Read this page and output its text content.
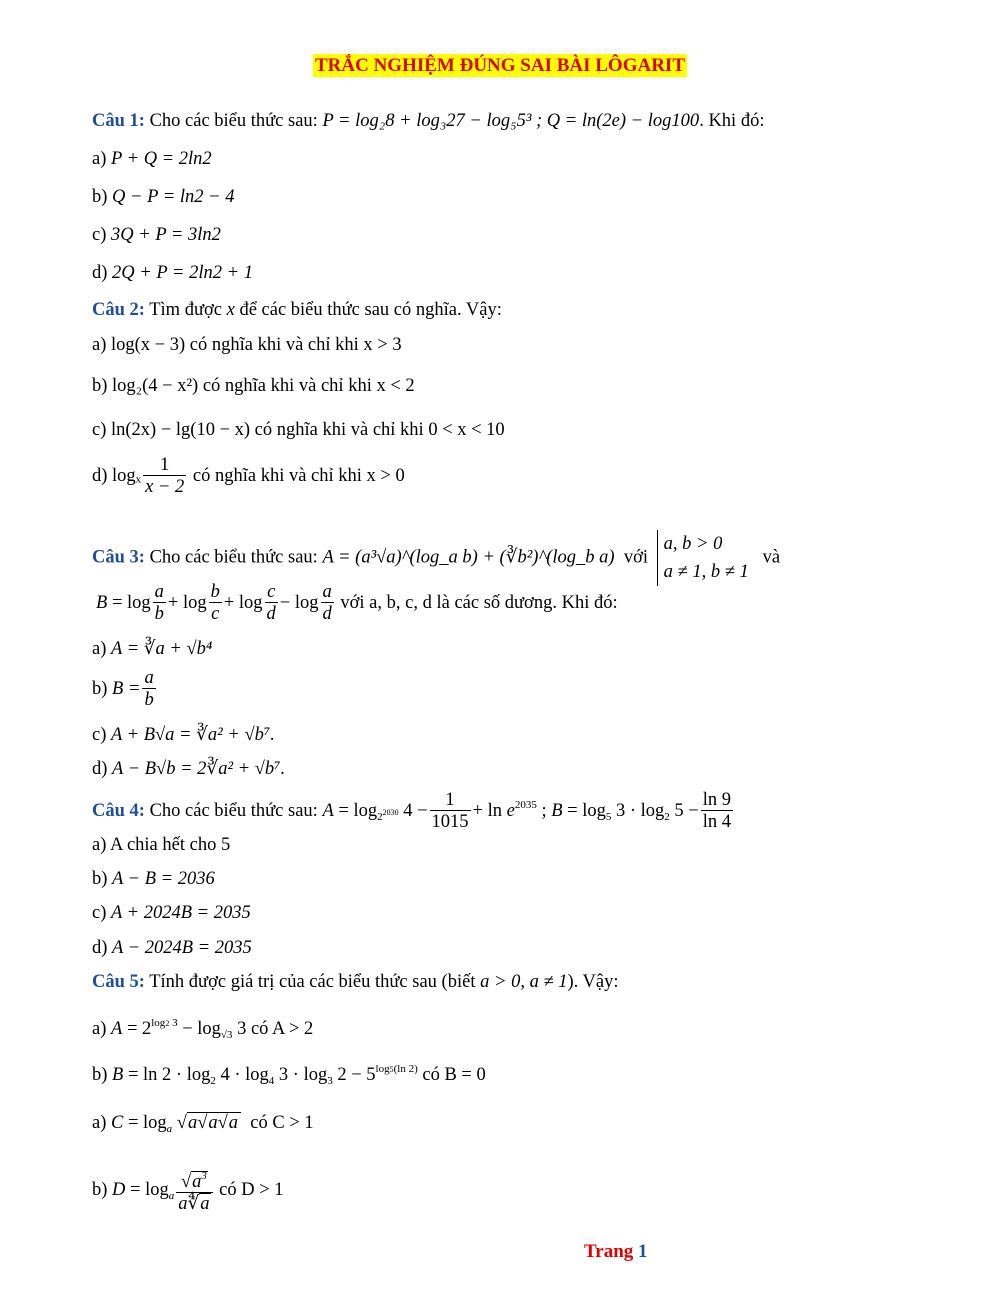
TRẮC NGHIỆM ĐÚNG SAI BÀI LÔGARIT
Câu 1: Cho các biểu thức sau: P = log₂8 + log₃27 − log₅5³ ; Q = ln(2e) − log100. Khi đó:
a) P + Q = 2ln2
b) Q − P = ln2 − 4
c) 3Q + P = 3ln2
d) 2Q + P = 2ln2 + 1
Câu 2: Tìm được x để các biểu thức sau có nghĩa. Vậy:
a) log(x − 3) có nghĩa khi và chỉ khi x > 3
b) log₂(4 − x²) có nghĩa khi và chỉ khi x < 2
c) ln(2x) − lg(10 − x) có nghĩa khi và chỉ khi 0 < x < 10
d) logₓ $\frac{1}{x - 2}$ có nghĩa khi và chỉ khi x > 0
Câu 3: Cho các biểu thức sau: A = (a³√a)^(log_a b) + (∛b²)^(log_b a) với a, b > 0
a ≠ 1, b ≠ 1   và
$B = \log \frac{a}{b} + \log \frac{b}{c} + \log \frac{c}{d} - \log \frac{a}{d}$ với a, b, c, d là các số dương. Khi đó:
a) A = ∛a + √b⁴
b) $B = \frac{a}{b}$
c) A + B√a = ∛a² + √b⁷.
d) A − B√b = 2∛a² + √b⁷.
Câu 4: Cho các biểu thức sau: $A = \log_{2^{2030}} 4 - \frac{1}{1015} + \ln e^{2035}$ ; $B = \log_5 3 \cdot \log_2 5 - \frac{\ln 9}{\ln 4}$
a) A chia hết cho 5
b) A − B = 2036
c) A + 2024B = 2035
d) A − 2024B = 2035
Câu 5: Tính được giá trị của các biểu thức sau (biết a > 0, a ≠ 1). Vậy:
a) $A = 2^{log2 3} - \log_{√3} 3$ có A > 2
b) $B = \ln 2 \cdot \log_2 4 \cdot \log_4 3 \cdot \log_3 2 - 5^{log5(ln 2)}$ có B = 0
a) $C = \log_a √a√a√a$ có C > 1
b) $D = \log_a \frac{√a^3}{a∜a}$ có D > 1
Trang 1
